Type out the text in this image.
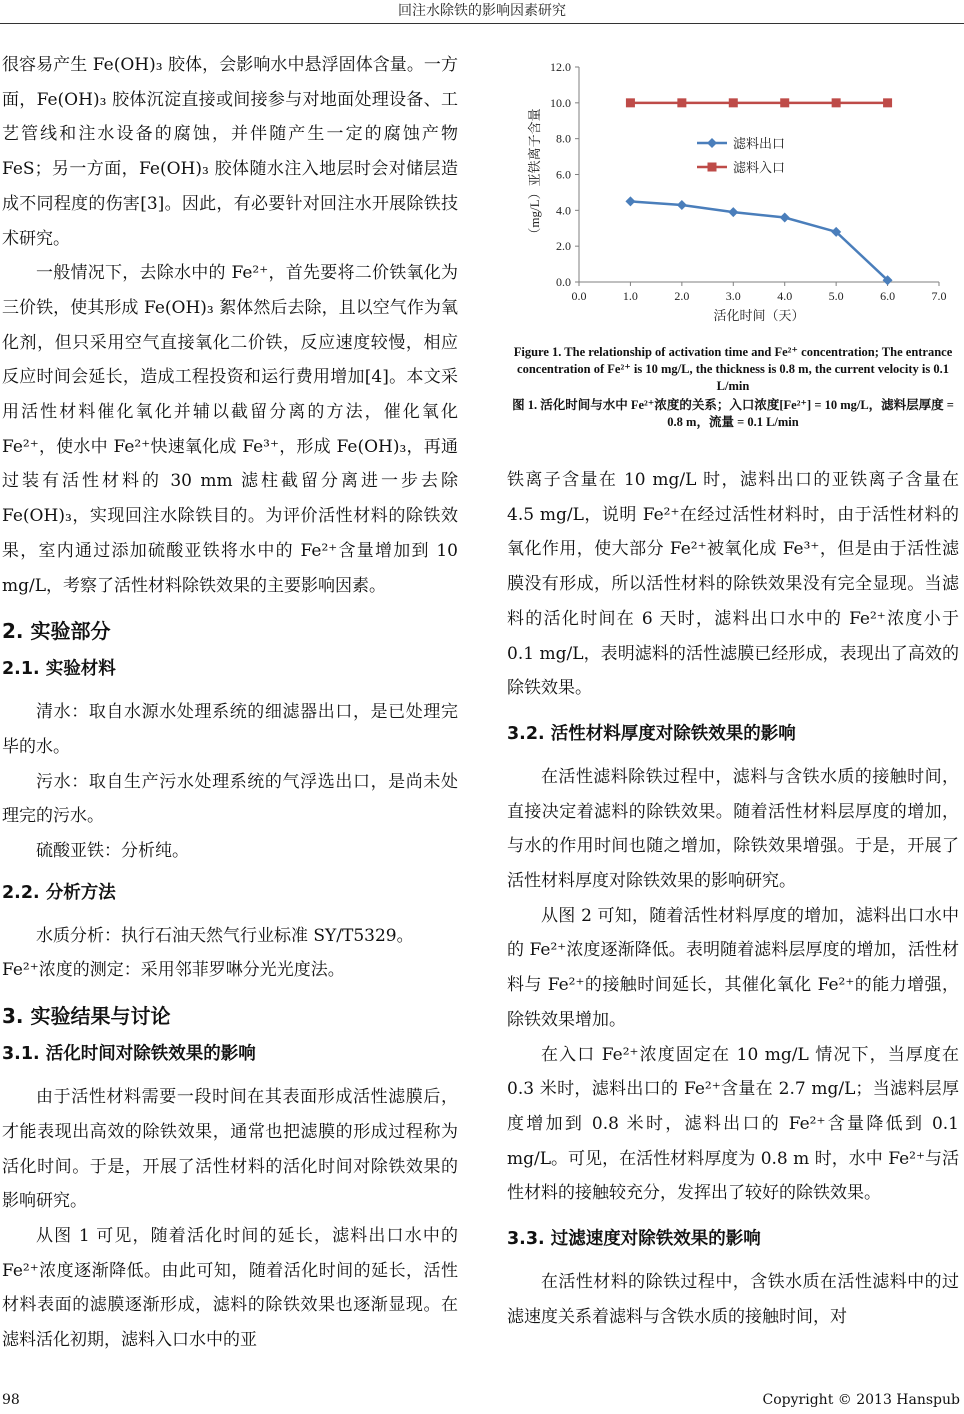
回注水除铁的影响因素研究

很容易产生 Fe(OH)₃ 胶体，会影响水中悬浮固体含量。一方面，Fe(OH)₃ 胶体沉淀直接或间接参与对地面处理设备、工艺管线和注水设备的腐蚀，并伴随产生一定的腐蚀产物 FeS；另一方面，Fe(OH)₃ 胶体随水注入地层时会对储层造成不同程度的伤害[3]。因此，有必要针对回注水开展除铁技术研究。

一般情况下，去除水中的 Fe²⁺，首先要将二价铁氧化为三价铁，使其形成 Fe(OH)₃ 絮体然后去除，且以空气作为氧化剂，但只采用空气直接氧化二价铁，反应速度较慢，相应反应时间会延长，造成工程投资和运行费用增加[4]。本文采用活性材料催化氧化并辅以截留分离的方法，催化氧化 Fe²⁺，使水中 Fe²⁺快速氧化成 Fe³⁺，形成 Fe(OH)₃，再通过装有活性材料的 30 mm 滤柱截留分离进一步去除 Fe(OH)₃，实现回注水除铁目的。为评价活性材料的除铁效果，室内通过添加硫酸亚铁将水中的 Fe²⁺含量增加到 10 mg/L，考察了活性材料除铁效果的主要影响因素。

2. 实验部分
2.1. 实验材料

清水：取自水源水处理系统的细滤器出口，是已处理完毕的水。

污水：取自生产污水处理系统的气浮选出口，是尚未处理完的污水。

硫酸亚铁：分析纯。

2.2. 分析方法

水质分析：执行石油天然气行业标准 SY/T5329。

Fe²⁺浓度的测定：采用邻菲罗啉分光光度法。

3. 实验结果与讨论
3.1. 活化时间对除铁效果的影响

由于活性材料需要一段时间在其表面形成活性滤膜后，才能表现出高效的除铁效果，通常也把滤膜的形成过程称为活化时间。于是，开展了活性材料的活化时间对除铁效果的影响研究。

从图 1 可见，随着活化时间的延长，滤料出口水中的 Fe²⁺浓度逐渐降低。由此可知，随着活化时间的延长，活性材料表面的滤膜逐渐形成，滤料的除铁效果也逐渐显现。在滤料活化初期，滤料入口水中的亚

0.0
2.0
4.0
6.0
8.0
10.0
12.0
0.0	1.0	2.0	3.0	4.0	5.0	6.0	7.0
活化时间（天）
（mg/L）亚铁离子含量	滤料出口
滤料入口
Figure 1. The relationship of activation time and Fe²⁺ concentration; The entrance concentration of Fe²⁺ is 10 mg/L, the thickness is 0.8 m, the current velocity is 0.1 L/min
图 1. 活化时间与水中 Fe²⁺浓度的关系；入口浓度[Fe²⁺] = 10 mg/L，滤料层厚度 = 0.8 m，流量 = 0.1 L/min

铁离子含量在 10 mg/L 时，滤料出口的亚铁离子含量在 4.5 mg/L，说明 Fe²⁺在经过活性材料时，由于活性材料的氧化作用，使大部分 Fe²⁺被氧化成 Fe³⁺，但是由于活性滤膜没有形成，所以活性材料的除铁效果没有完全显现。当滤料的活化时间在 6 天时，滤料出口水中的 Fe²⁺浓度小于 0.1 mg/L，表明滤料的活性滤膜已经形成，表现出了高效的除铁效果。

3.2. 活性材料厚度对除铁效果的影响

在活性滤料除铁过程中，滤料与含铁水质的接触时间，直接决定着滤料的除铁效果。随着活性材料层厚度的增加，与水的作用时间也随之增加，除铁效果增强。于是，开展了活性材料厚度对除铁效果的影响研究。

从图 2 可知，随着活性材料厚度的增加，滤料出口水中的 Fe²⁺浓度逐渐降低。表明随着滤料层厚度的增加，活性材料与 Fe²⁺的接触时间延长，其催化氧化 Fe²⁺的能力增强，除铁效果增加。

在入口 Fe²⁺浓度固定在 10 mg/L 情况下，当厚度在 0.3 米时，滤料出口的 Fe²⁺含量在 2.7 mg/L；当滤料层厚度增加到 0.8 米时，滤料出口的 Fe²⁺含量降低到 0.1 mg/L。可见，在活性材料厚度为 0.8 m 时，水中 Fe²⁺与活性材料的接触较充分，发挥出了较好的除铁效果。

3.3. 过滤速度对除铁效果的影响

在活性材料的除铁过程中，含铁水质在活性滤料中的过滤速度关系着滤料与含铁水质的接触时间，对

98	Copyright © 2013 Hanspub
